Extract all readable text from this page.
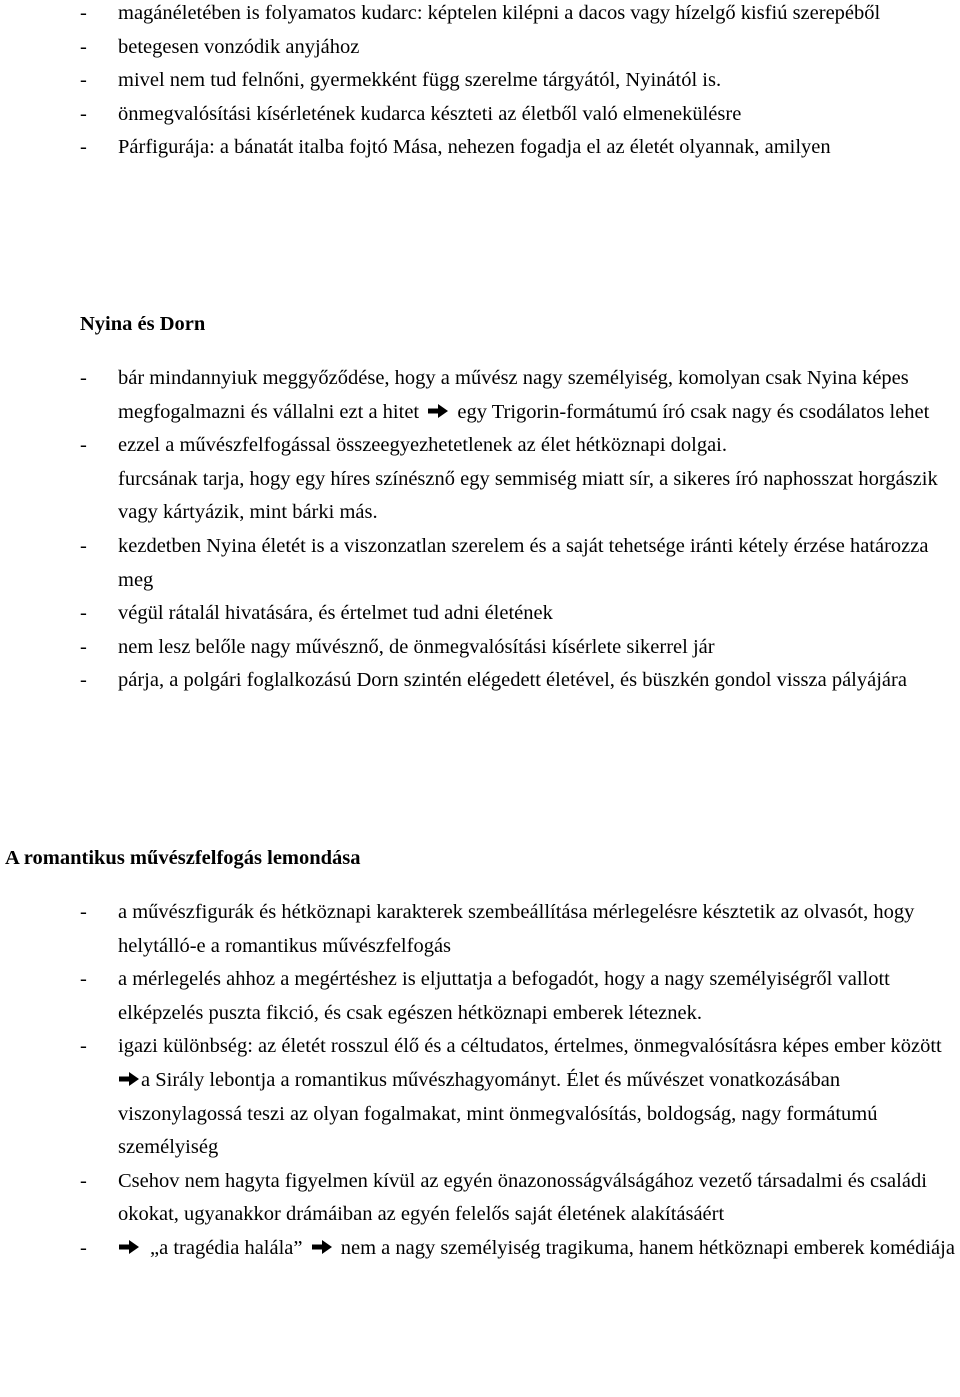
- magánéletében is folyamatos kudarc: képtelen kilépni a dacos vagy hízelgő kisfiú szerepéből
- betegesen vonzódik anyjához
- mivel nem tud felnőni, gyermekként függ szerelme tárgyától, Nyinától is.
- önmegvalósítási kísérletének kudarca készteti az életből való elmenekülésre
- Párfigurája: a bánatát italba fojtó Mása, nehezen fogadja el az életét olyannak, amilyen
Nyina és Dorn
- bár mindannyiuk meggyőződése, hogy a művész nagy személyiség, komolyan csak Nyina képes megfogalmazni és vállalni ezt a hitet egy Trigorin-formátumú író csak nagy és csodálatos lehet
- ezzel a művészfelfogással összeegyezhetetlenek az élet hétköznapi dolgai.
furcsának tarja, hogy egy híres színésznő egy semmiség miatt sír, a sikeres író naphosszat horgászik vagy kártyázik, mint bárki más.
- kezdetben Nyina életét is a viszonzatlan szerelem és a saját tehetsége iránti kétely érzése határozza meg
- végül rátalál hivatására, és értelmet tud adni életének
- nem lesz belőle nagy művésznő, de önmegvalósítási kísérlete sikerrel jár
- párja, a polgári foglalkozású Dorn szintén elégedett életével, és büszkén gondol vissza pályájára
A romantikus művészfelfogás lemondása
- a művészfigurák és hétköznapi karakterek szembeállítása mérlegelésre késztetik az olvasót, hogy helytálló-e a romantikus művészfelfogás
- a mérlegelés ahhoz a megértéshez is eljuttatja a befogadót, hogy a nagy személyiségről vallott elképzelés puszta fikció, és csak egészen hétköznapi emberek léteznek.
- igazi különbség: az életét rosszul élő és a céltudatos, értelmes, önmegvalósításra képes ember között
a Sirály lebontja a romantikus művészhagyományt. Élet és művészet vonatkozásában viszonylagossá teszi az olyan fogalmakat, mint önmegvalósítás, boldogság, nagy formátumú személyiség
- Csehov nem hagyta figyelmen kívül az egyén önazonosságválságához vezető társadalmi és családi okokat, ugyanakkor drámáiban az egyén felelős saját életének alakításáért
-	„a tragédia halála” nem a nagy személyiség tragikuma, hanem hétköznapi emberek komédiája
